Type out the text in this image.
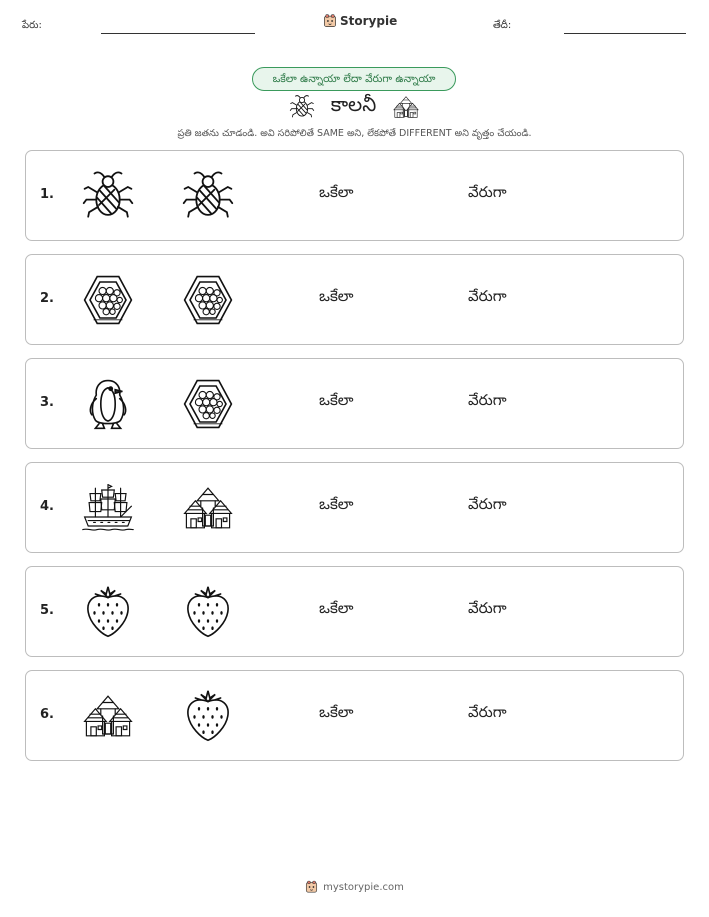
పేరు:	Storypie	తేదీ:
ఒకేలా ఉన్నాయా లేదా వేరుగా ఉన్నాయా
కాలనీ
ప్రతి జతను చూడండి. అవి సరిపోలితే SAME అని, లేకపోతే DIFFERENT అని వృత్తం చేయండి.
1.	ఒకేలా	వేరుగా
2.	ఒకేలా	వేరుగా
3.	ఒకేలా	వేరుగా
4.	ఒకేలా	వేరుగా
5.	ఒకేలా	వేరుగా
6.	ఒకేలా	వేరుగా
mystorypie.com
